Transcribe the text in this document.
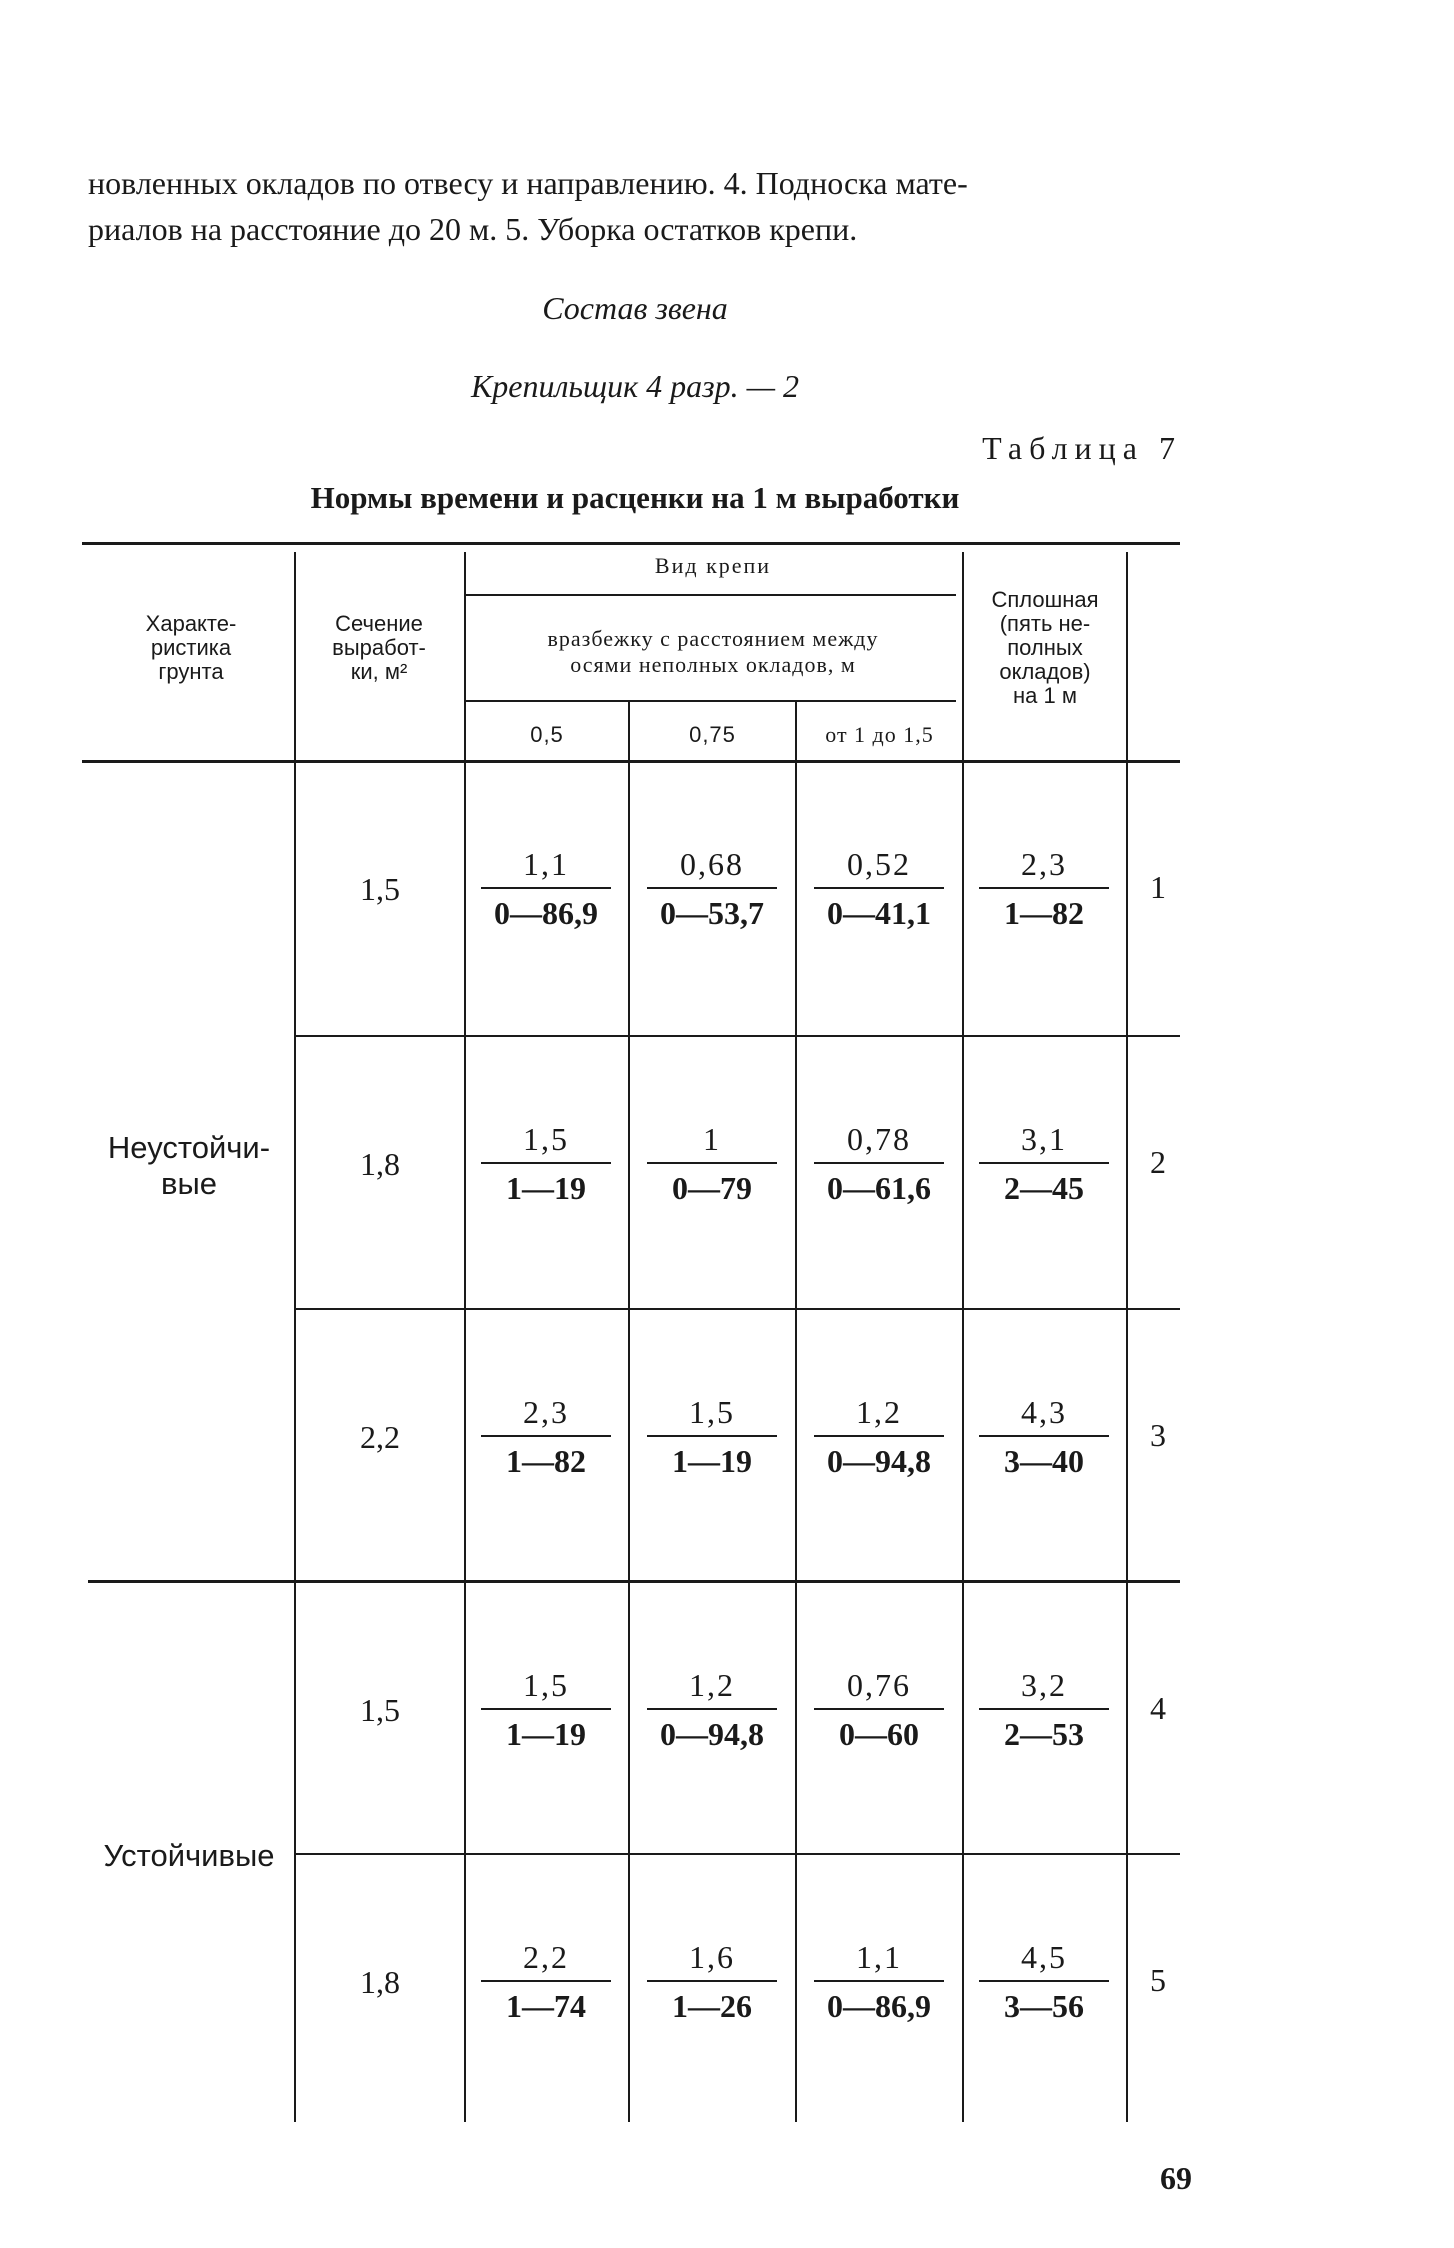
новленных окладов по отвесу и направлению. 4. Подноска мате-
риалов на расстояние до 20 м. 5. Уборка остатков крепи.
Состав звена
Крепильщик 4 разр. — 2
Таблица 7
Нормы времени и расценки на 1 м выработки
Характе-
ристика
грунта
Сечение
выработ-
ки, м²
Вид крепи
вразбежку с расстоянием между
осями неполных окладов, м
0,5	0,75	от 1 до 1,5
Сплошная
(пять не-
полных
окладов)
на 1 м
Неустойчи-
вые
Устойчивые
1,5
1,1
0—86,9
0,68
0—53,7
0,52
0—41,1
2,3
1—82
1
1,8
1,5
1—19
1
0—79
0,78
0—61,6
3,1
2—45
2
2,2
2,3
1—82
1,5
1—19
1,2
0—94,8
4,3
3—40
3
1,5
1,5
1—19
1,2
0—94,8
0,76
0—60
3,2
2—53
4
1,8
2,2
1—74
1,6
1—26
1,1
0—86,9
4,5
3—56
5
69
